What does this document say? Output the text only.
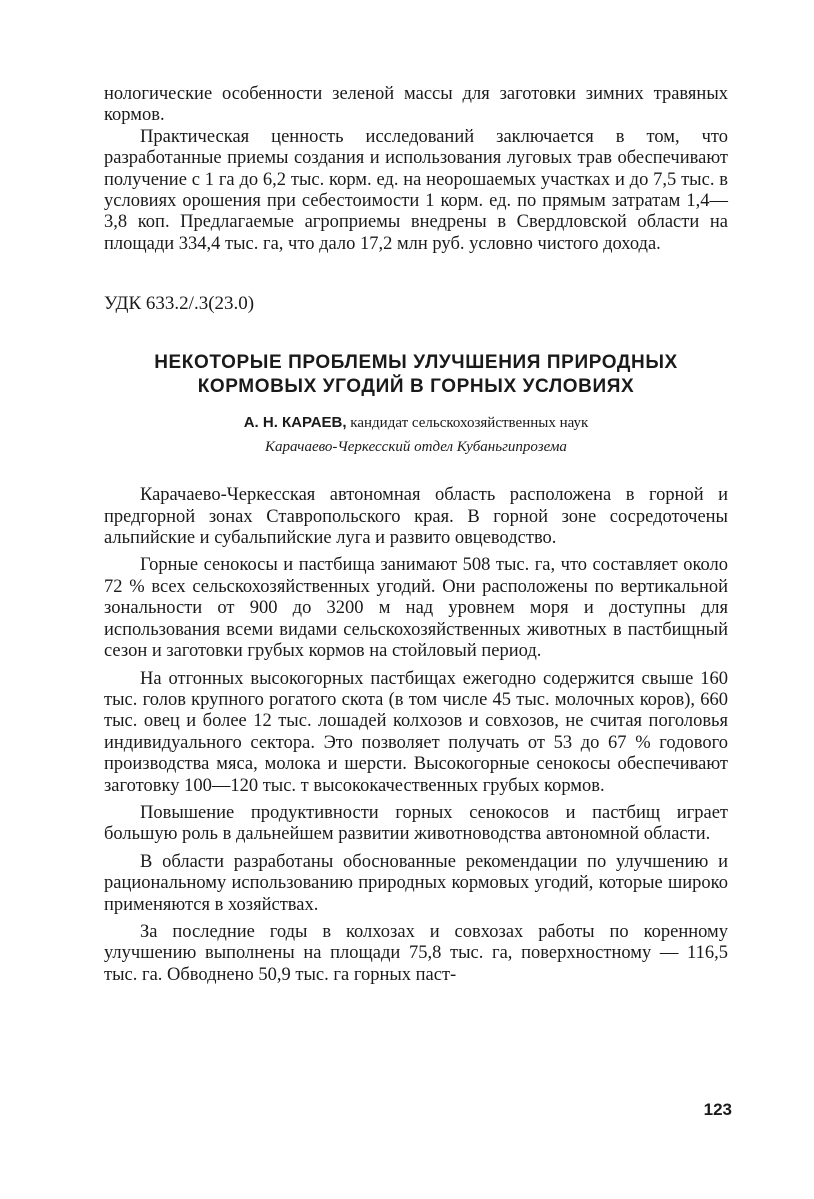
нологические особенности зеленой массы для заготовки зимних травяных кормов.

Практическая ценность исследований заключается в том, что разработанные приемы создания и использования луговых трав обеспечивают получение с 1 га до 6,2 тыс. корм. ед. на неорошаемых участках и до 7,5 тыс. в условиях орошения при себестоимости 1 корм. ед. по прямым затратам 1,4—3,8 коп. Предлагаемые агроприемы внедрены в Свердловской области на площади 334,4 тыс. га, что дало 17,2 млн руб. условно чистого дохода.

УДК 633.2/.3(23.0)
НЕКОТОРЫЕ ПРОБЛЕМЫ УЛУЧШЕНИЯ ПРИРОДНЫХ
КОРМОВЫХ УГОДИЙ В ГОРНЫХ УСЛОВИЯХ
А. Н. КАРАЕВ, кандидат сельскохозяйственных наук
Карачаево-Черкесский отдел Кубаньгипрозема

Карачаево-Черкесская автономная область расположена в горной и предгорной зонах Ставропольского края. В горной зоне сосредоточены альпийские и субальпийские луга и развито овцеводство.

Горные сенокосы и пастбища занимают 508 тыс. га, что составляет около 72 % всех сельскохозяйственных угодий. Они расположены по вертикальной зональности от 900 до 3200 м над уровнем моря и доступны для использования всеми видами сельскохозяйственных животных в пастбищный сезон и заготовки грубых кормов на стойловый период.

На отгонных высокогорных пастбищах ежегодно содержится свыше 160 тыс. голов крупного рогатого скота (в том числе 45 тыс. молочных коров), 660 тыс. овец и более 12 тыс. лошадей колхозов и совхозов, не считая поголовья индивидуального сектора. Это позволяет получать от 53 до 67 % годового производства мяса, молока и шерсти. Высокогорные сенокосы обеспечивают заготовку 100—120 тыс. т высококачественных грубых кормов.

Повышение продуктивности горных сенокосов и пастбищ играет большую роль в дальнейшем развитии животноводства автономной области.

В области разработаны обоснованные рекомендации по улучшению и рациональному использованию природных кормовых угодий, которые широко применяются в хозяйствах.

За последние годы в колхозах и совхозах работы по коренному улучшению выполнены на площади 75,8 тыс. га, поверхностному — 116,5 тыс. га. Обводнено 50,9 тыс. га горных паст-

123
